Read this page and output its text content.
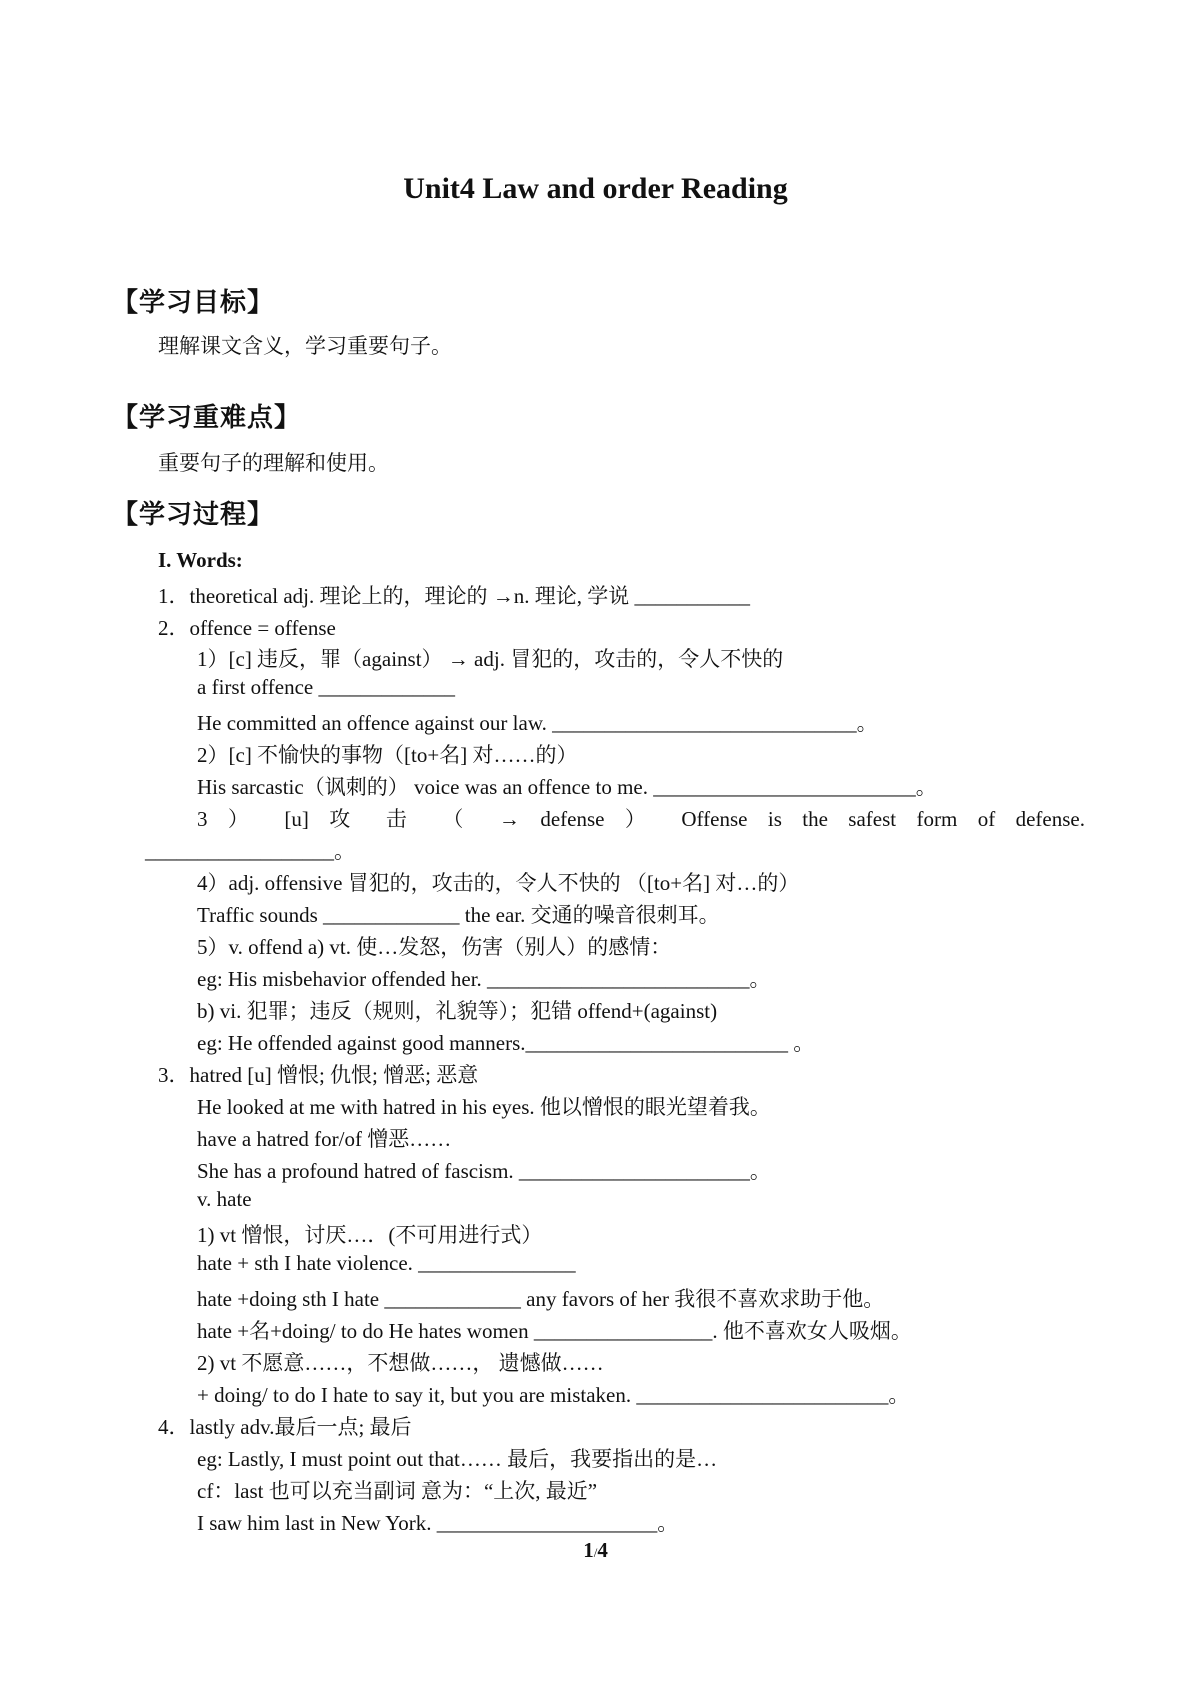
Unit4 Law and order Reading
【学习目标】
理解课文含义，学习重要句子。
【学习重难点】
重要句子的理解和使用。
【学习过程】
I. Words:
1．theoretical adj. 理论上的，理论的 →n. 理论, 学说 ___________
2．offence = offense
1）[c] 违反，罪（against） → adj. 冒犯的，攻击的，令人不快的
a first offence _____________
He committed an offence against our law. _____________________________。
2）[c] 不愉快的事物（[to+名] 对……的）
His sarcastic（讽刺的） voice was an offence to me. _________________________。
3 ） [u] 攻 击 （ → defense ） Offense is the safest form of defense.
__________________。
4）adj. offensive 冒犯的，攻击的，令人不快的 （[to+名] 对…的）
Traffic sounds _____________ the ear. 交通的噪音很刺耳。
5）v. offend a) vt. 使…发怒，伤害（别人）的感情：
eg: His misbehavior offended her. _________________________。
b) vi. 犯罪；违反（规则，礼貌等）；犯错 offend+(against)
eg: He offended against good manners._________________________ 。
3．hatred [u] 憎恨; 仇恨; 憎恶; 恶意
He looked at me with hatred in his eyes. 他以憎恨的眼光望着我。
have a hatred for/of 憎恶……
She has a profound hatred of fascism. ______________________。
v. hate
1) vt 憎恨，讨厌…．(不可用进行式）
hate + sth I hate violence. _______________
hate +doing sth I hate _____________ any favors of her 我很不喜欢求助于他。
hate +名+doing/ to do He hates women _________________. 他不喜欢女人吸烟。
2) vt 不愿意……，不想做……， 遗憾做……
+ doing/ to do I hate to say it, but you are mistaken. ________________________。
4．lastly adv.最后一点; 最后
eg: Lastly, I must point out that…… 最后，我要指出的是…
cf：last 也可以充当副词 意为：“上次, 最近”
I saw him last in New York. _____________________。
1/4
